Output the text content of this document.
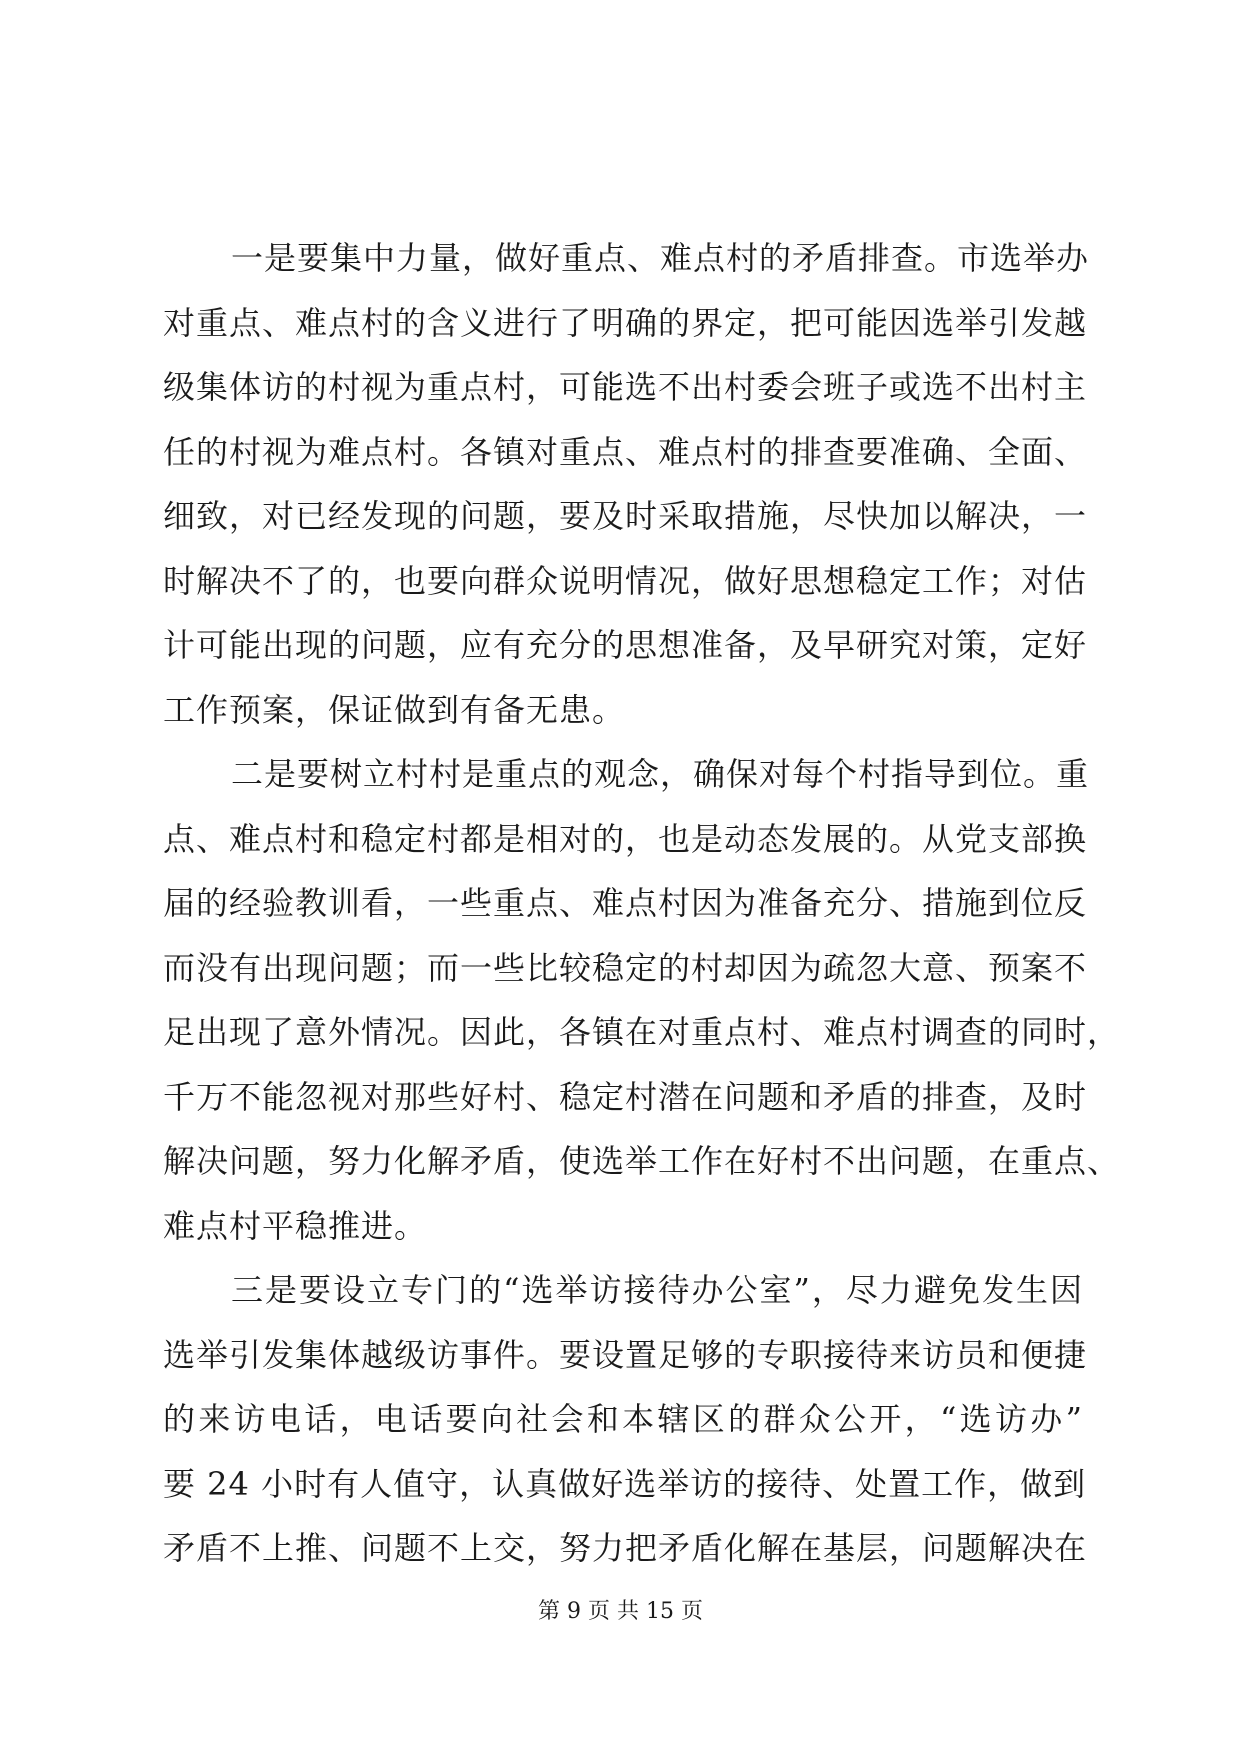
一是要集中力量，做好重点、难点村的矛盾排查。市选举办
对重点、难点村的含义进行了明确的界定，把可能因选举引发越
级集体访的村视为重点村，可能选不出村委会班子或选不出村主
任的村视为难点村。各镇对重点、难点村的排查要准确、全面、
细致，对已经发现的问题，要及时采取措施，尽快加以解决，一
时解决不了的，也要向群众说明情况，做好思想稳定工作；对估
计可能出现的问题，应有充分的思想准备，及早研究对策，定好
工作预案，保证做到有备无患。
二是要树立村村是重点的观念，确保对每个村指导到位。重
点、难点村和稳定村都是相对的，也是动态发展的。从党支部换
届的经验教训看，一些重点、难点村因为准备充分、措施到位反
而没有出现问题；而一些比较稳定的村却因为疏忽大意、预案不
足出现了意外情况。因此，各镇在对重点村、难点村调查的同时，
千万不能忽视对那些好村、稳定村潜在问题和矛盾的排查，及时
解决问题，努力化解矛盾，使选举工作在好村不出问题，在重点、
难点村平稳推进。
三是要设立专门的“选举访接待办公室”，尽力避免发生因
选举引发集体越级访事件。要设置足够的专职接待来访员和便捷
的来访电话，电话要向社会和本辖区的群众公开，“选访办”
要 24 小时有人值守，认真做好选举访的接待、处置工作，做到
矛盾不上推、问题不上交，努力把矛盾化解在基层，问题解决在
第 9 页 共 15 页
